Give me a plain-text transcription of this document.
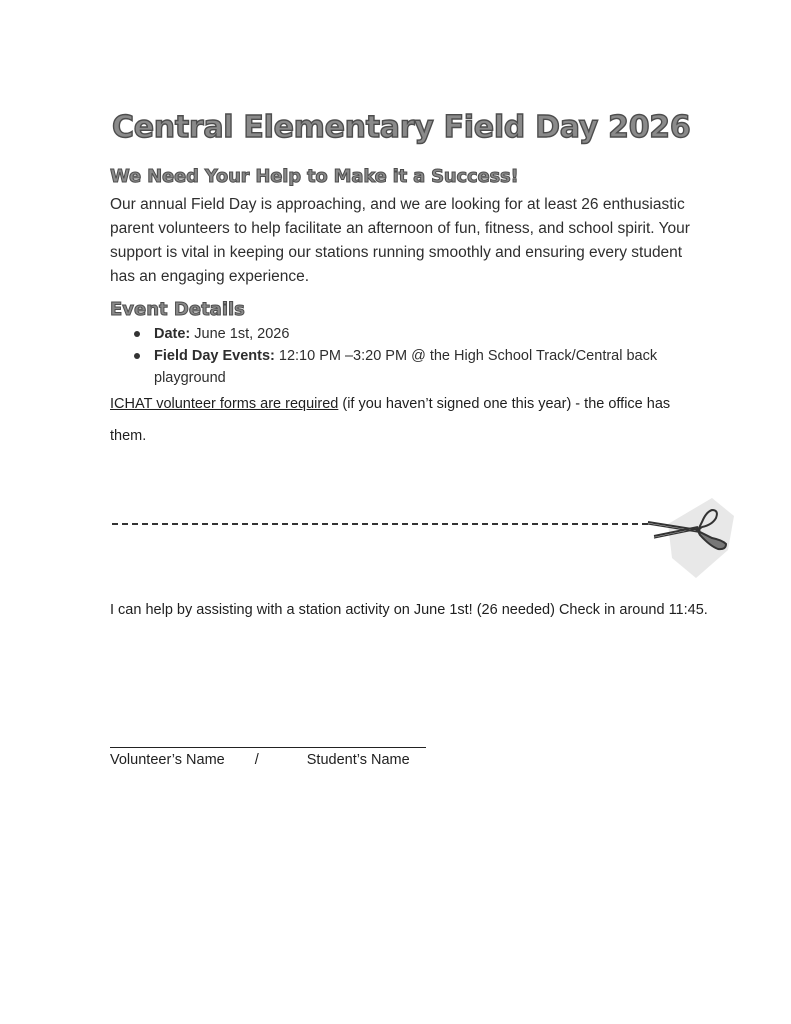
Central Elementary Field Day 2026
We Need Your Help to Make it a Success!

Our annual Field Day is approaching, and we are looking for at least 26 enthusiastic parent volunteers to help facilitate an afternoon of fun, fitness, and school spirit. Your support is vital in keeping our stations running smoothly and ensuring every student has an engaging experience.

Event Details
Date: June 1st, 2026
Field Day Events: 12:10 PM –3:20 PM @ the High School Track/Central back playground

ICHAT volunteer forms are required (if you haven’t signed one this year) - the office has them.

I can help by assisting with a station activity on June 1st! (26 needed) Check in around 11:45.

Volunteer’s Name /	Student’s Name
